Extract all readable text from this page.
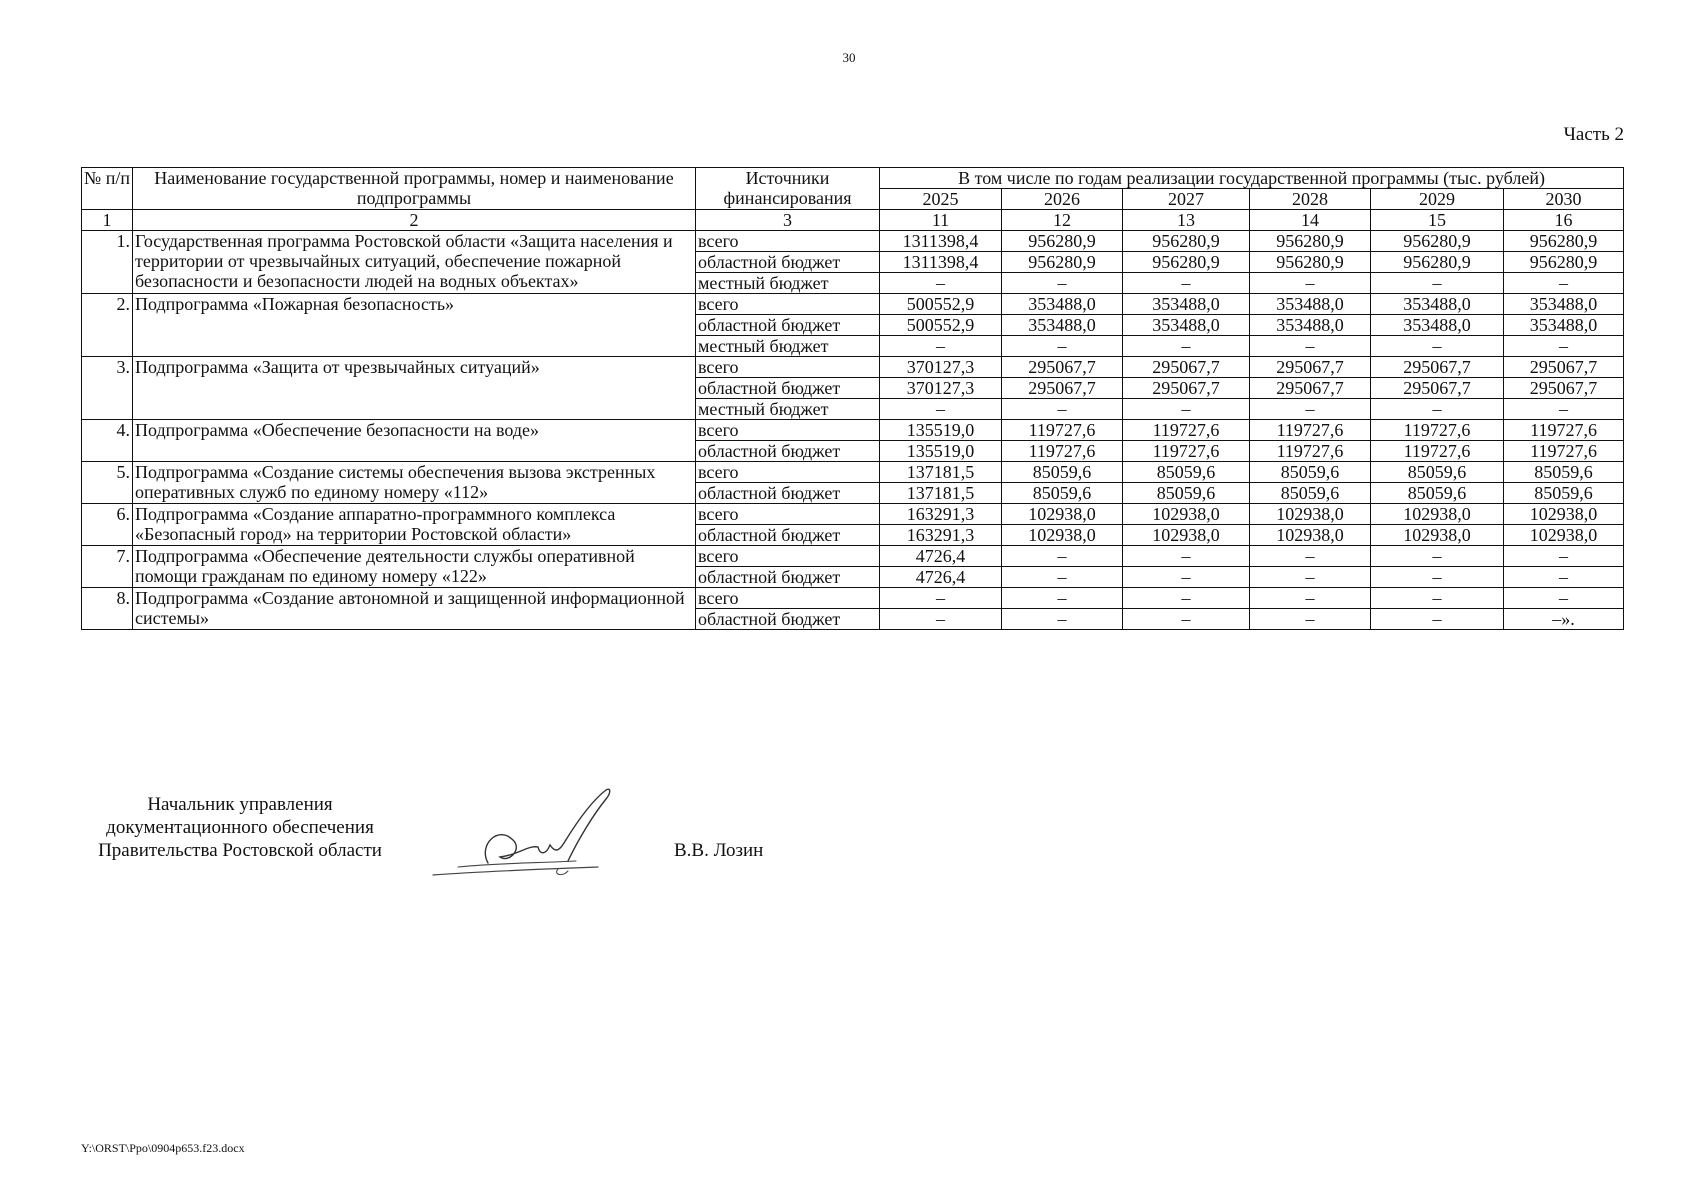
30
Часть 2
№ п/п	Наименование государственной программы, номер и наименование подпрограммы	Источники финансирования	В том числе по годам реализации государственной программы (тыс. рублей)					
			2025	2026	2027	2028	2029	2030
1	2	3	11	12	13	14	15	16
1.	Государственная программа Ростовской области «Защита населения и территории от чрезвычайных ситуаций, обеспечение пожарной безопасности и безопасности людей на водных объектах»	всего	1311398,4	956280,9	956280,9	956280,9	956280,9	956280,9
		областной бюджет	1311398,4	956280,9	956280,9	956280,9	956280,9	956280,9
		местный бюджет	–	–	–	–	–	–
2.	Подпрограмма «Пожарная безопасность»	всего	500552,9	353488,0	353488,0	353488,0	353488,0	353488,0
		областной бюджет	500552,9	353488,0	353488,0	353488,0	353488,0	353488,0
		местный бюджет	–	–	–	–	–	–
3.	Подпрограмма «Защита от чрезвычайных ситуаций»	всего	370127,3	295067,7	295067,7	295067,7	295067,7	295067,7
		областной бюджет	370127,3	295067,7	295067,7	295067,7	295067,7	295067,7
		местный бюджет	–	–	–	–	–	–
4.	Подпрограмма «Обеспечение безопасности на воде»	всего	135519,0	119727,6	119727,6	119727,6	119727,6	119727,6
		областной бюджет	135519,0	119727,6	119727,6	119727,6	119727,6	119727,6
5.	Подпрограмма «Создание системы обеспечения вызова экстренных оперативных служб по единому номеру «112»	всего	137181,5	85059,6	85059,6	85059,6	85059,6	85059,6
		областной бюджет	137181,5	85059,6	85059,6	85059,6	85059,6	85059,6
6.	Подпрограмма «Создание аппаратно-программного комплекса «Безопасный город» на территории Ростовской области»	всего	163291,3	102938,0	102938,0	102938,0	102938,0	102938,0
		областной бюджет	163291,3	102938,0	102938,0	102938,0	102938,0	102938,0
7.	Подпрограмма «Обеспечение деятельности службы оперативной помощи гражданам по единому номеру «122»	всего	4726,4	–	–	–	–	–
		областной бюджет	4726,4	–	–	–	–	–
8.	Подпрограмма «Создание автономной и защищенной информационной системы»	всего	–	–	–	–	–	–
		областной бюджет	–	–	–	–	–	–».
Начальник управления
документационного обеспечения
Правительства Ростовской области	В.В. Лозин
Y:\ORST\Ppo\0904p653.f23.docx
